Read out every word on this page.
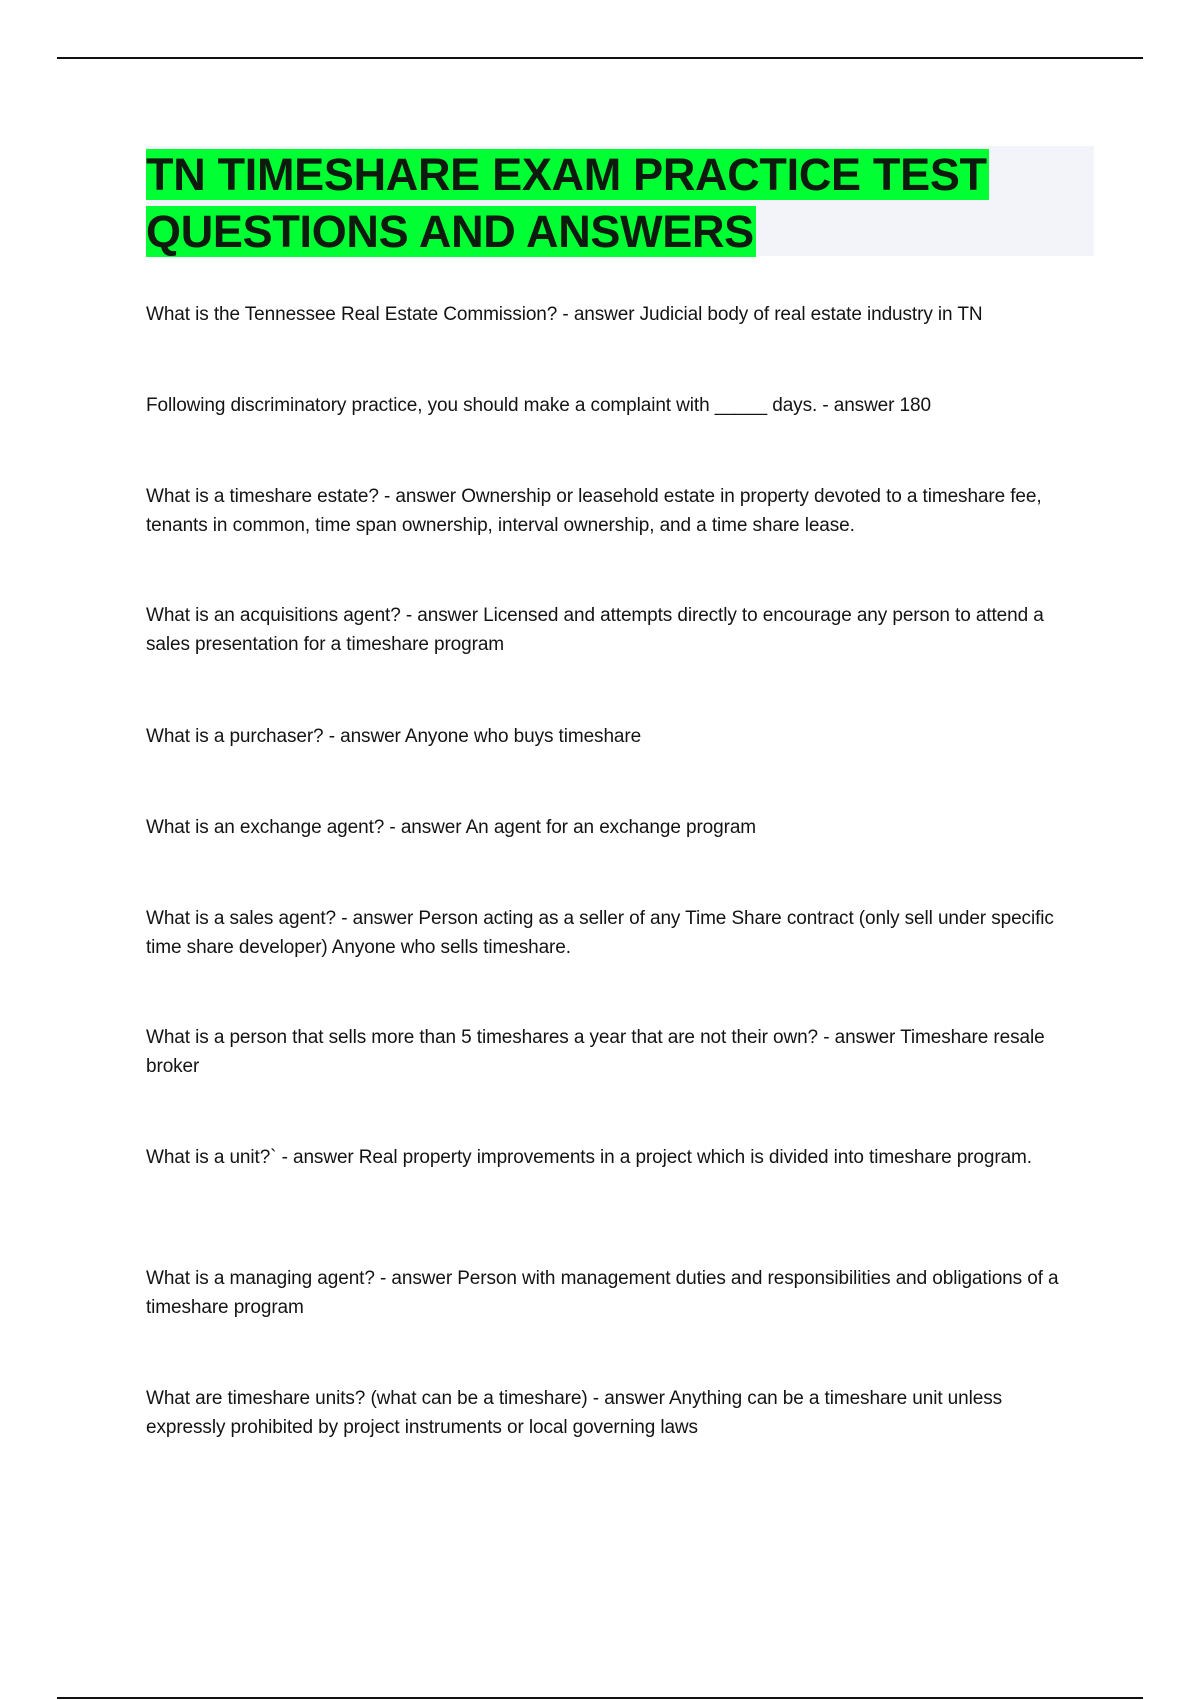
TN TIMESHARE EXAM PRACTICE TEST
QUESTIONS AND ANSWERS
What is the Tennessee Real Estate Commission? - answer Judicial body of real estate industry in TN
Following discriminatory practice, you should make a complaint with _____ days. - answer 180
What is a timeshare estate? - answer Ownership or leasehold estate in property devoted to a timeshare fee, tenants in common, time span ownership, interval ownership, and a time share lease.
What is an acquisitions agent? - answer Licensed and attempts directly to encourage any person to attend a sales presentation for a timeshare program
What is a purchaser? - answer Anyone who buys timeshare
What is an exchange agent? - answer An agent for an exchange program
What is a sales agent? - answer Person acting as a seller of any Time Share contract (only sell under specific time share developer) Anyone who sells timeshare.
What is a person that sells more than 5 timeshares a year that are not their own? - answer Timeshare resale broker
What is a unit?` - answer Real property improvements in a project which is divided into timeshare program.
What is a managing agent? - answer Person with management duties and responsibilities and obligations of a timeshare program
What are timeshare units? (what can be a timeshare) - answer Anything can be a timeshare unit unless expressly prohibited by project instruments or local governing laws
